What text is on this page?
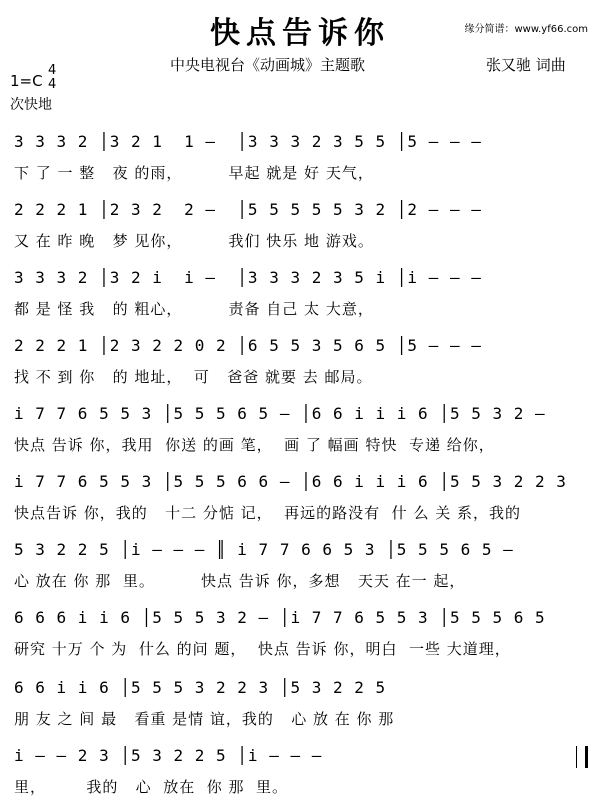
快点告诉你	缘分简谱：www.yf66.com
中央电视台《动画城》主题歌	张又驰 词曲
1=C
4
4
次快地
3 3 3 2 │3 2 1  1 –  │3 3 3 2 3 5 5 │5 – – –
下 了 一 整   夜 的雨，        早起 就是 好 天气，
2 2 2 1 │2 3 2  2 –  │5 5 5 5 5 3 2 │2 – – –
又 在 昨 晚   梦 见你，        我们 快乐 地 游戏。
3 3 3 2 │3 2 i  i –  │3 3 3 2 3 5 i │i – – –
都 是 怪 我   的 粗心，        责备 自己 太 大意，
2 2 2 1 │2 3 2 2 0 2 │6 5 5 3 5 6 5 │5 – – –
找 不 到 你   的 地址，  可   爸爸 就要 去 邮局。
i 7 7 6 5 5 3 │5 5 5 6 5 – │6 6 i i i 6 │5 5 3 2 –
快点 告诉 你，我用  你送 的画 笔，  画 了 幅画 特快  专递 给你，
i 7 7 6 5 5 3 │5 5 5 6 6 – │6 6 i i i 6 │5 5 3 2 2 3
快点告诉 你，我的   十二 分惦 记，  再远的路没有  什 么 关 系，我的
5 3 2 2 5 │i – – – ║ i 7 7 6 6 5 3 │5 5 5 6 5 –
心 放在 你 那  里。        快点 告诉 你，多想   天天 在一 起，
6 6 6 i i 6 │5 5 5 3 2 – │i 7 7 6 5 5 3 │5 5 5 6 5
研究 十万 个 为  什么 的问 题，  快点 告诉 你，明白  一些 大道理，
6 6 i i 6 │5 5 5 3 2 2 3 │5 3 2 2 5
朋 友 之 间 最   看重 是情 谊，我的   心 放 在 你 那
i – – 2 3 │5 3 2 2 5 │i – – –
里，       我的   心  放在  你 那  里。
